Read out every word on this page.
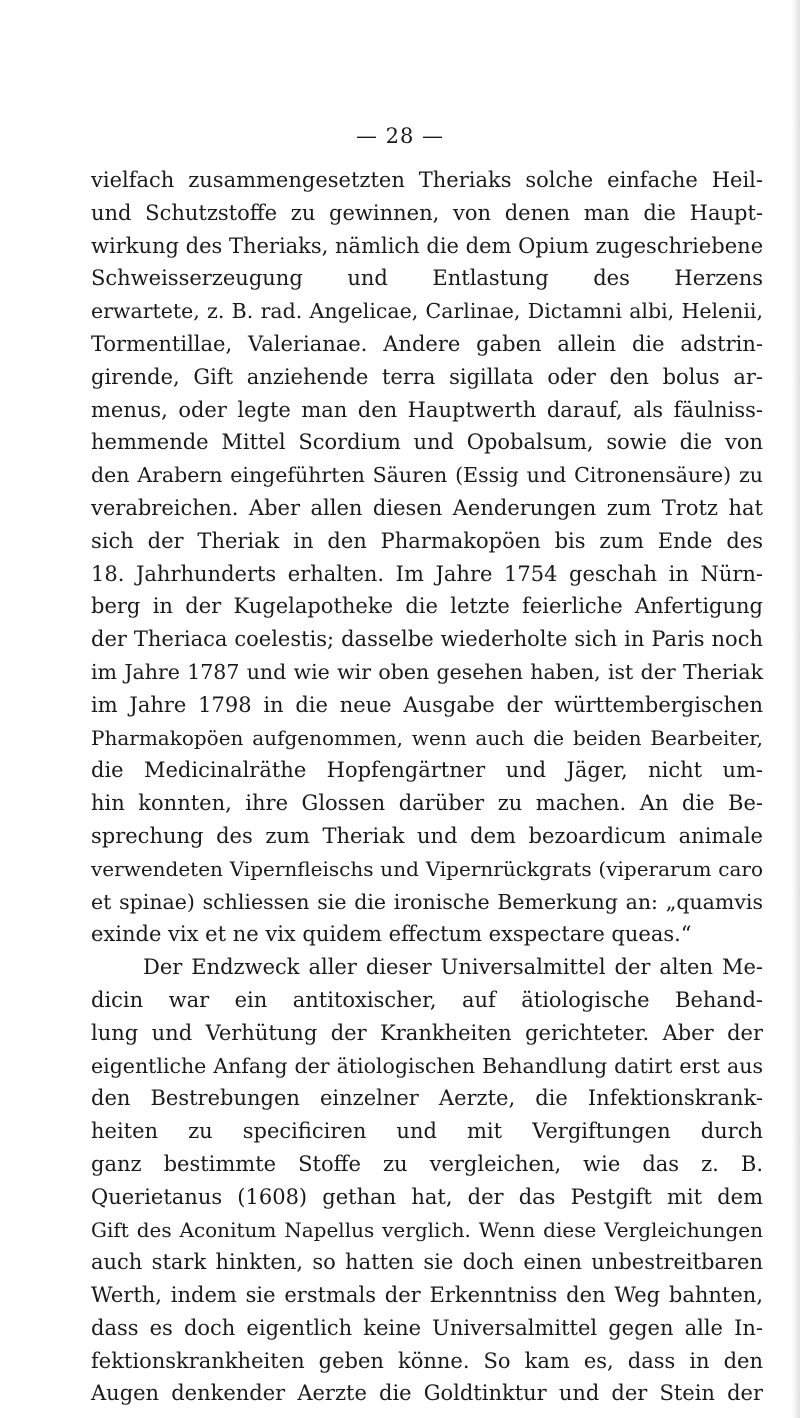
— 28 —
vielfach zusammengesetzten Theriaks solche einfache Heil-
und Schutzstoffe zu gewinnen, von denen man die Haupt-
wirkung des Theriaks, nämlich die dem Opium zugeschriebene
Schweisserzeugung und Entlastung des Herzens
erwartete, z. B. rad. Angelicae, Carlinae, Dictamni albi, Helenii,
Tormentillae, Valerianae. Andere gaben allein die adstrin-
girende, Gift anziehende terra sigillata oder den bolus ar-
menus, oder legte man den Hauptwerth darauf, als fäulniss-
hemmende Mittel Scordium und Opobalsum, sowie die von
den Arabern eingeführten Säuren (Essig und Citronensäure) zu
verabreichen. Aber allen diesen Aenderungen zum Trotz hat
sich der Theriak in den Pharmakopöen bis zum Ende des
18. Jahrhunderts erhalten. Im Jahre 1754 geschah in Nürn-
berg in der Kugelapotheke die letzte feierliche Anfertigung
der Theriaca coelestis; dasselbe wiederholte sich in Paris noch
im Jahre 1787 und wie wir oben gesehen haben, ist der Theriak
im Jahre 1798 in die neue Ausgabe der württembergischen
Pharmakopöen aufgenommen, wenn auch die beiden Bearbeiter,
die Medicinalräthe Hopfengärtner und Jäger, nicht um-
hin konnten, ihre Glossen darüber zu machen. An die Be-
sprechung des zum Theriak und dem bezoardicum animale
verwendeten Vipernfleischs und Vipernrückgrats (viperarum caro
et spinae) schliessen sie die ironische Bemerkung an: „quamvis
exinde vix et ne vix quidem effectum exspectare queas.“
Der Endzweck aller dieser Universalmittel der alten Me-
dicin war ein antitoxischer, auf ätiologische Behand-
lung und Verhütung der Krankheiten gerichteter. Aber der
eigentliche Anfang der ätiologischen Behandlung datirt erst aus
den Bestrebungen einzelner Aerzte, die Infektionskrank-
heiten zu specificiren und mit Vergiftungen durch
ganz bestimmte Stoffe zu vergleichen, wie das z. B.
Querietanus (1608) gethan hat, der das Pestgift mit dem
Gift des Aconitum Napellus verglich. Wenn diese Vergleichungen
auch stark hinkten, so hatten sie doch einen unbestreitbaren
Werth, indem sie erstmals der Erkenntniss den Weg bahnten,
dass es doch eigentlich keine Universalmittel gegen alle In-
fektionskrankheiten geben könne. So kam es, dass in den
Augen denkender Aerzte die Goldtinktur und der Stein der
